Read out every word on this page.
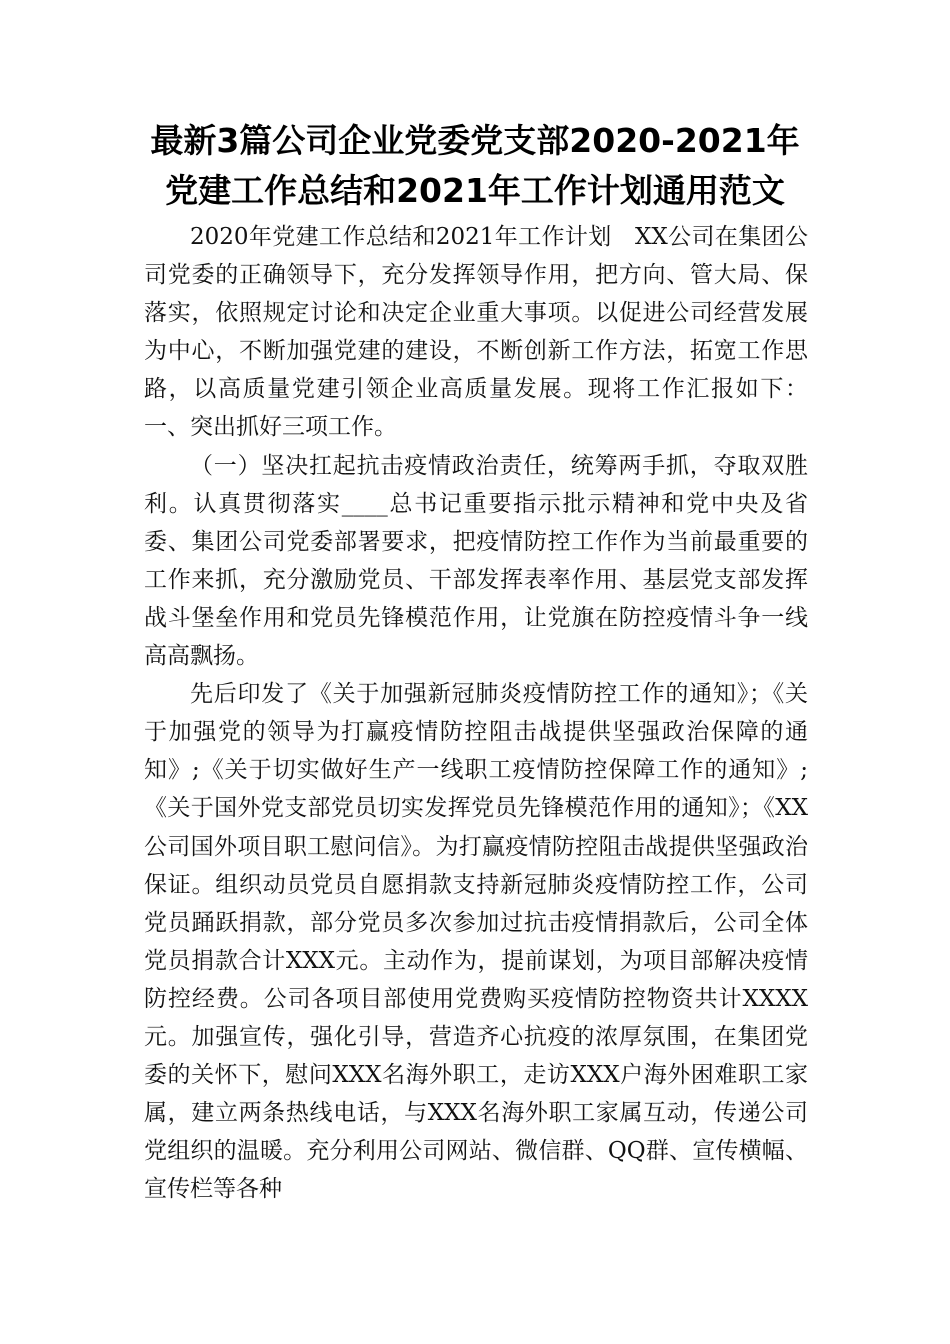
最新3篇公司企业党委党支部2020-2021年
党建工作总结和2021年工作计划通用范文

2020年党建工作总结和2021年工作计划　XX公司在集团公司党委的正确领导下，充分发挥领导作用，把方向、管大局、保落实，依照规定讨论和决定企业重大事项。以促进公司经营发展为中心，不断加强党建的建设，不断创新工作方法，拓宽工作思路，以高质量党建引领企业高质量发展。现将工作汇报如下：一、突出抓好三项工作。

（一）坚决扛起抗击疫情政治责任，统筹两手抓，夺取双胜利。认真贯彻落实____总书记重要指示批示精神和党中央及省委、集团公司党委部署要求，把疫情防控工作作为当前最重要的工作来抓，充分激励党员、干部发挥表率作用、基层党支部发挥战斗堡垒作用和党员先锋模范作用，让党旗在防控疫情斗争一线高高飘扬。

先后印发了《关于加强新冠肺炎疫情防控工作的通知》；《关于加强党的领导为打赢疫情防控阻击战提供坚强政治保障的通知》;《关于切实做好生产一线职工疫情防控保障工作的通知》;《关于国外党支部党员切实发挥党员先锋模范作用的通知》；《XX公司国外项目职工慰问信》。为打赢疫情防控阻击战提供坚强政治保证。组织动员党员自愿捐款支持新冠肺炎疫情防控工作，公司党员踊跃捐款，部分党员多次参加过抗击疫情捐款后，公司全体党员捐款合计XXX元。主动作为，提前谋划，为项目部解决疫情防控经费。公司各项目部使用党费购买疫情防控物资共计XXXX元。加强宣传，强化引导，营造齐心抗疫的浓厚氛围，在集团党委的关怀下，慰问XXX名海外职工，走访XXX户海外困难职工家属，建立两条热线电话，与XXX名海外职工家属互动，传递公司党组织的温暖。充分利用公司网站、微信群、QQ群、宣传横幅、宣传栏等各种
